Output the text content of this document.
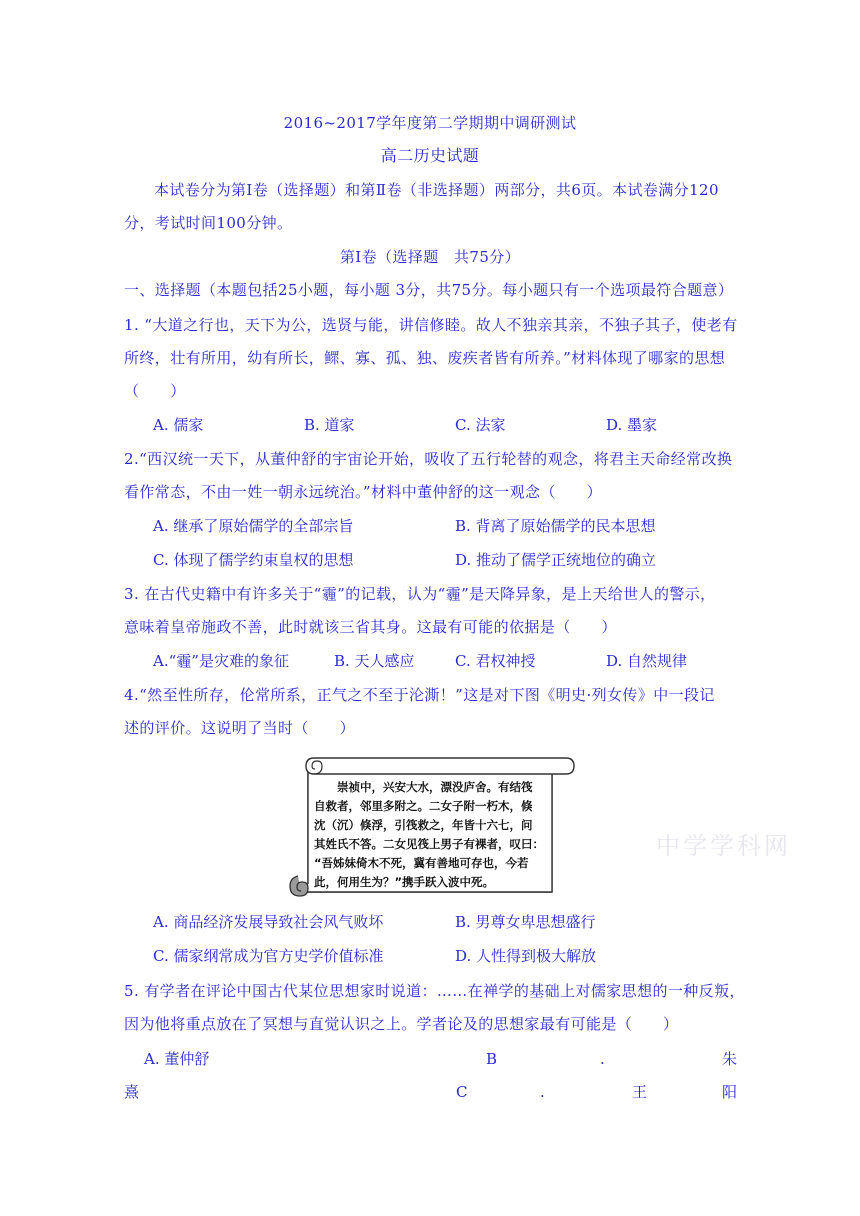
2016~2017学年度第二学期期中调研测试
高二历史试题
本试卷分为第Ⅰ卷（选择题）和第Ⅱ卷（非选择题）两部分，共6页。本试卷满分120
分，考试时间100分钟。
第Ⅰ卷（选择题　共75分）
一、选择题（本题包括25小题，每小题 3分，共75分。每小题只有一个选项最符合题意）
1. “大道之行也，天下为公，选贤与能，讲信修睦。故人不独亲其亲，不独子其子，使老有
所终，壮有所用，幼有所长，鳏、寡、孤、独、废疾者皆有所养。”材料体现了哪家的思想
（　　）
A. 儒家	B. 道家	C. 法家	D. 墨家
2.“西汉统一天下，从董仲舒的宇宙论开始，吸收了五行轮替的观念，将君主天命经常改换
看作常态，不由一姓一朝永远统治。”材料中董仲舒的这一观念（　　）
A. 继承了原始儒学的全部宗旨	B. 背离了原始儒学的民本思想
C. 体现了儒学约束皇权的思想	D. 推动了儒学正统地位的确立
3. 在古代史籍中有许多关于“霾”的记载，认为“霾”是天降异象，是上天给世人的警示，
意味着皇帝施政不善，此时就该三省其身。这最有可能的依据是（　　）
A.“霾”是灾难的象征	B. 天人感应	C. 君权神授	D. 自然规律
4.“然至性所存，伦常所系，正气之不至于沦澌！”这是对下图《明史·列女传》中一段记
述的评价。这说明了当时（　　）
　　崇祯中，兴安大水，漂没庐舍。有结筏
自救者，邻里多附之。二女子附一朽木，倏
沈（沉）倏浮，引筏救之，年皆十六七，问
其姓氏不答。二女见筏上男子有裸者，叹曰：
“吾姊妹倚木不死，冀有善地可存也，今若
此，何用生为？”携手跃入波中死。
中学学科网
A. 商品经济发展导致社会风气败坏	B. 男尊女卑思想盛行
C. 儒家纲常成为官方史学价值标准	D. 人性得到极大解放
5. 有学者在评论中国古代某位思想家时说道：……在禅学的基础上对儒家思想的一种反叛，
因为他将重点放在了冥想与直觉认识之上。学者论及的思想家最有可能是（　　）
A. 董仲舒	B	.	朱
熹	C	.	王	阳
